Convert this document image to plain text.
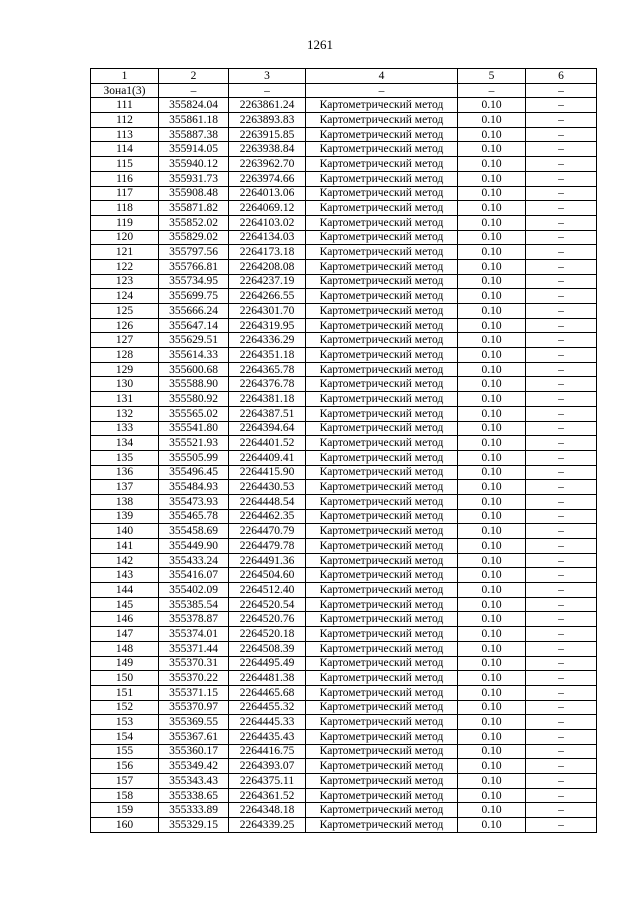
1261
1	2	3	4	5	6
Зона1(3)	–	–	–	–	–
111	355824.04	2263861.24	Картометрический метод	0.10	–
112	355861.18	2263893.83	Картометрический метод	0.10	–
113	355887.38	2263915.85	Картометрический метод	0.10	–
114	355914.05	2263938.84	Картометрический метод	0.10	–
115	355940.12	2263962.70	Картометрический метод	0.10	–
116	355931.73	2263974.66	Картометрический метод	0.10	–
117	355908.48	2264013.06	Картометрический метод	0.10	–
118	355871.82	2264069.12	Картометрический метод	0.10	–
119	355852.02	2264103.02	Картометрический метод	0.10	–
120	355829.02	2264134.03	Картометрический метод	0.10	–
121	355797.56	2264173.18	Картометрический метод	0.10	–
122	355766.81	2264208.08	Картометрический метод	0.10	–
123	355734.95	2264237.19	Картометрический метод	0.10	–
124	355699.75	2264266.55	Картометрический метод	0.10	–
125	355666.24	2264301.70	Картометрический метод	0.10	–
126	355647.14	2264319.95	Картометрический метод	0.10	–
127	355629.51	2264336.29	Картометрический метод	0.10	–
128	355614.33	2264351.18	Картометрический метод	0.10	–
129	355600.68	2264365.78	Картометрический метод	0.10	–
130	355588.90	2264376.78	Картометрический метод	0.10	–
131	355580.92	2264381.18	Картометрический метод	0.10	–
132	355565.02	2264387.51	Картометрический метод	0.10	–
133	355541.80	2264394.64	Картометрический метод	0.10	–
134	355521.93	2264401.52	Картометрический метод	0.10	–
135	355505.99	2264409.41	Картометрический метод	0.10	–
136	355496.45	2264415.90	Картометрический метод	0.10	–
137	355484.93	2264430.53	Картометрический метод	0.10	–
138	355473.93	2264448.54	Картометрический метод	0.10	–
139	355465.78	2264462.35	Картометрический метод	0.10	–
140	355458.69	2264470.79	Картометрический метод	0.10	–
141	355449.90	2264479.78	Картометрический метод	0.10	–
142	355433.24	2264491.36	Картометрический метод	0.10	–
143	355416.07	2264504.60	Картометрический метод	0.10	–
144	355402.09	2264512.40	Картометрический метод	0.10	–
145	355385.54	2264520.54	Картометрический метод	0.10	–
146	355378.87	2264520.76	Картометрический метод	0.10	–
147	355374.01	2264520.18	Картометрический метод	0.10	–
148	355371.44	2264508.39	Картометрический метод	0.10	–
149	355370.31	2264495.49	Картометрический метод	0.10	–
150	355370.22	2264481.38	Картометрический метод	0.10	–
151	355371.15	2264465.68	Картометрический метод	0.10	–
152	355370.97	2264455.32	Картометрический метод	0.10	–
153	355369.55	2264445.33	Картометрический метод	0.10	–
154	355367.61	2264435.43	Картометрический метод	0.10	–
155	355360.17	2264416.75	Картометрический метод	0.10	–
156	355349.42	2264393.07	Картометрический метод	0.10	–
157	355343.43	2264375.11	Картометрический метод	0.10	–
158	355338.65	2264361.52	Картометрический метод	0.10	–
159	355333.89	2264348.18	Картометрический метод	0.10	–
160	355329.15	2264339.25	Картометрический метод	0.10	–
